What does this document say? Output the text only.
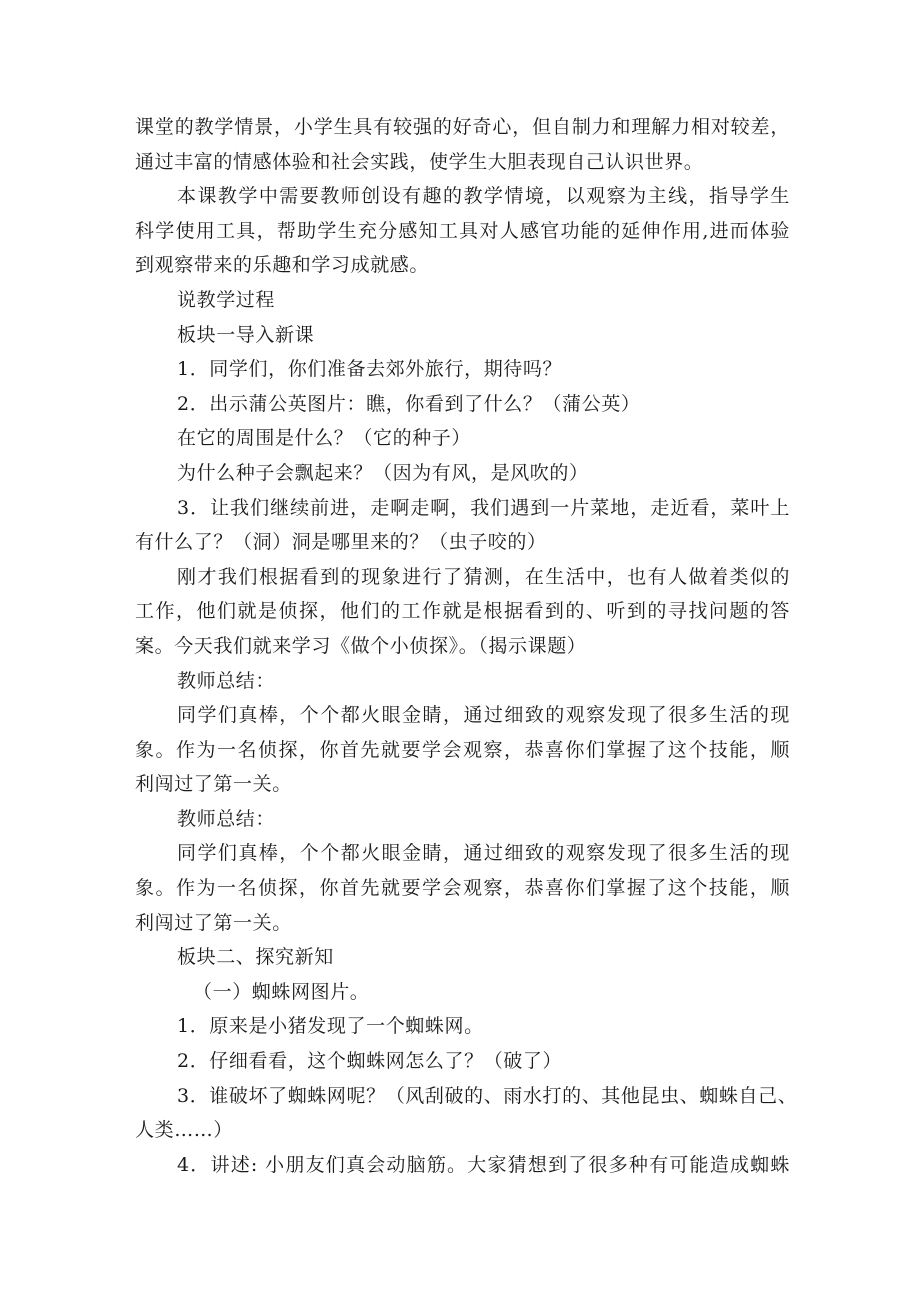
课堂的教学情景，小学生具有较强的好奇心，但自制力和理解力相对较差，
通过丰富的情感体验和社会实践，使学生大胆表现自己认识世界。
本课教学中需要教师创设有趣的教学情境，以观察为主线，指导学生
科学使用工具，帮助学生充分感知工具对人感官功能的延伸作用,进而体验
到观察带来的乐趣和学习成就感。
说教学过程
板块一导入新课
1．同学们，你们准备去郊外旅行，期待吗？
2．出示蒲公英图片：瞧，你看到了什么？（蒲公英）
在它的周围是什么？（它的种子）
为什么种子会飘起来？（因为有风，是风吹的）
3．让我们继续前进，走啊走啊，我们遇到一片菜地，走近看，菜叶上
有什么了？（洞）洞是哪里来的？（虫子咬的）
刚才我们根据看到的现象进行了猜测，在生活中，也有人做着类似的
工作，他们就是侦探，他们的工作就是根据看到的、听到的寻找问题的答
案。今天我们就来学习《做个小侦探》。（揭示课题）
教师总结：
同学们真棒，个个都火眼金睛，通过细致的观察发现了很多生活的现
象。作为一名侦探，你首先就要学会观察，恭喜你们掌握了这个技能，顺
利闯过了第一关。
教师总结：
同学们真棒，个个都火眼金睛，通过细致的观察发现了很多生活的现
象。作为一名侦探，你首先就要学会观察，恭喜你们掌握了这个技能，顺
利闯过了第一关。
板块二、探究新知
（一）蜘蛛网图片。
1．原来是小猪发现了一个蜘蛛网。
2．仔细看看，这个蜘蛛网怎么了？（破了）
3．谁破坏了蜘蛛网呢？（风刮破的、雨水打的、其他昆虫、蜘蛛自己、
人类……）
4．讲述: 小朋友们真会动脑筋。大家猜想到了很多种有可能造成蜘蛛
